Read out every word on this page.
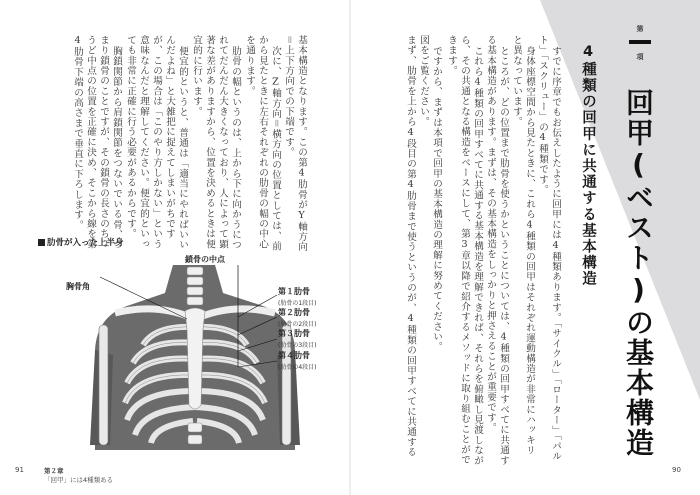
第
項
回甲(ベスト)の基本構造
4種類の回甲に共通する基本構造
すでに序章でもお伝えしたように回甲には4種類あります。「サイクル」「ローター」「パル
ト」「スクリュー」の4種類です。
身体座標空間から見たときに、これら4種類の回甲はそれぞれ運動構造が非常にハッキリ
と異なっています。
ところが、どの位置まで肋骨を使うかということについては、4種類の回甲すべてに共通す
る基本構造があります。まずは、その基本構造をしっかりと押さえることが重要です。
これら4種類の回甲すべてに共通する基本構造を理解できれば、それらを俯瞰し見渡しなが
ら、その共通となる構造をベースにして、第3章以降で紹介するメソッドに取り組むことがで
きます。
ですから、まずは本項で回甲の基本構造の理解に努めてください。
図をご覧ください。
まず、肋骨を上から4段目の第4肋骨まで使うというのが、4種類の回甲すべてに共通する
基本構造となります。この第4肋骨がY軸方向
＝上下方向での下端です。
次に、Z軸方向＝横方向の位置としては、前
から見たときに左右それぞれの肋骨の幅の中心
を通ります。
肋骨の幅というのは、上から下に向かうにつ
れてだんだん大きくなっており、人によって顕
著な差がありますから、位置を決めるときは便
宜的に行います。
便宜的というと、普通は「適当にやればいい
んだよね」と大雑把に捉えてしまいがちです
が、この場合は「このやり方しかない」という
意味なんだと理解してください。便宜的といっ
ても非常に正確に行う必要があるからです。
胸鎖関節から肩鎖関節をつないでいる骨、つ
まり鎖骨のことですが、その鎖骨の長さのちょ
うど中点の位置を正確に決め、そこから線を第
4肋骨下端の高さまで垂直に下ろします。
肋骨が入った上半身
鎖骨の中点
胸骨角
第１肋骨
(肋骨の1段目)
第２肋骨
(肋骨の2段目)
第３肋骨
(肋骨の3段目)
第４肋骨
(肋骨の4段目)
91	第２章
「回甲」には4種類ある
90
